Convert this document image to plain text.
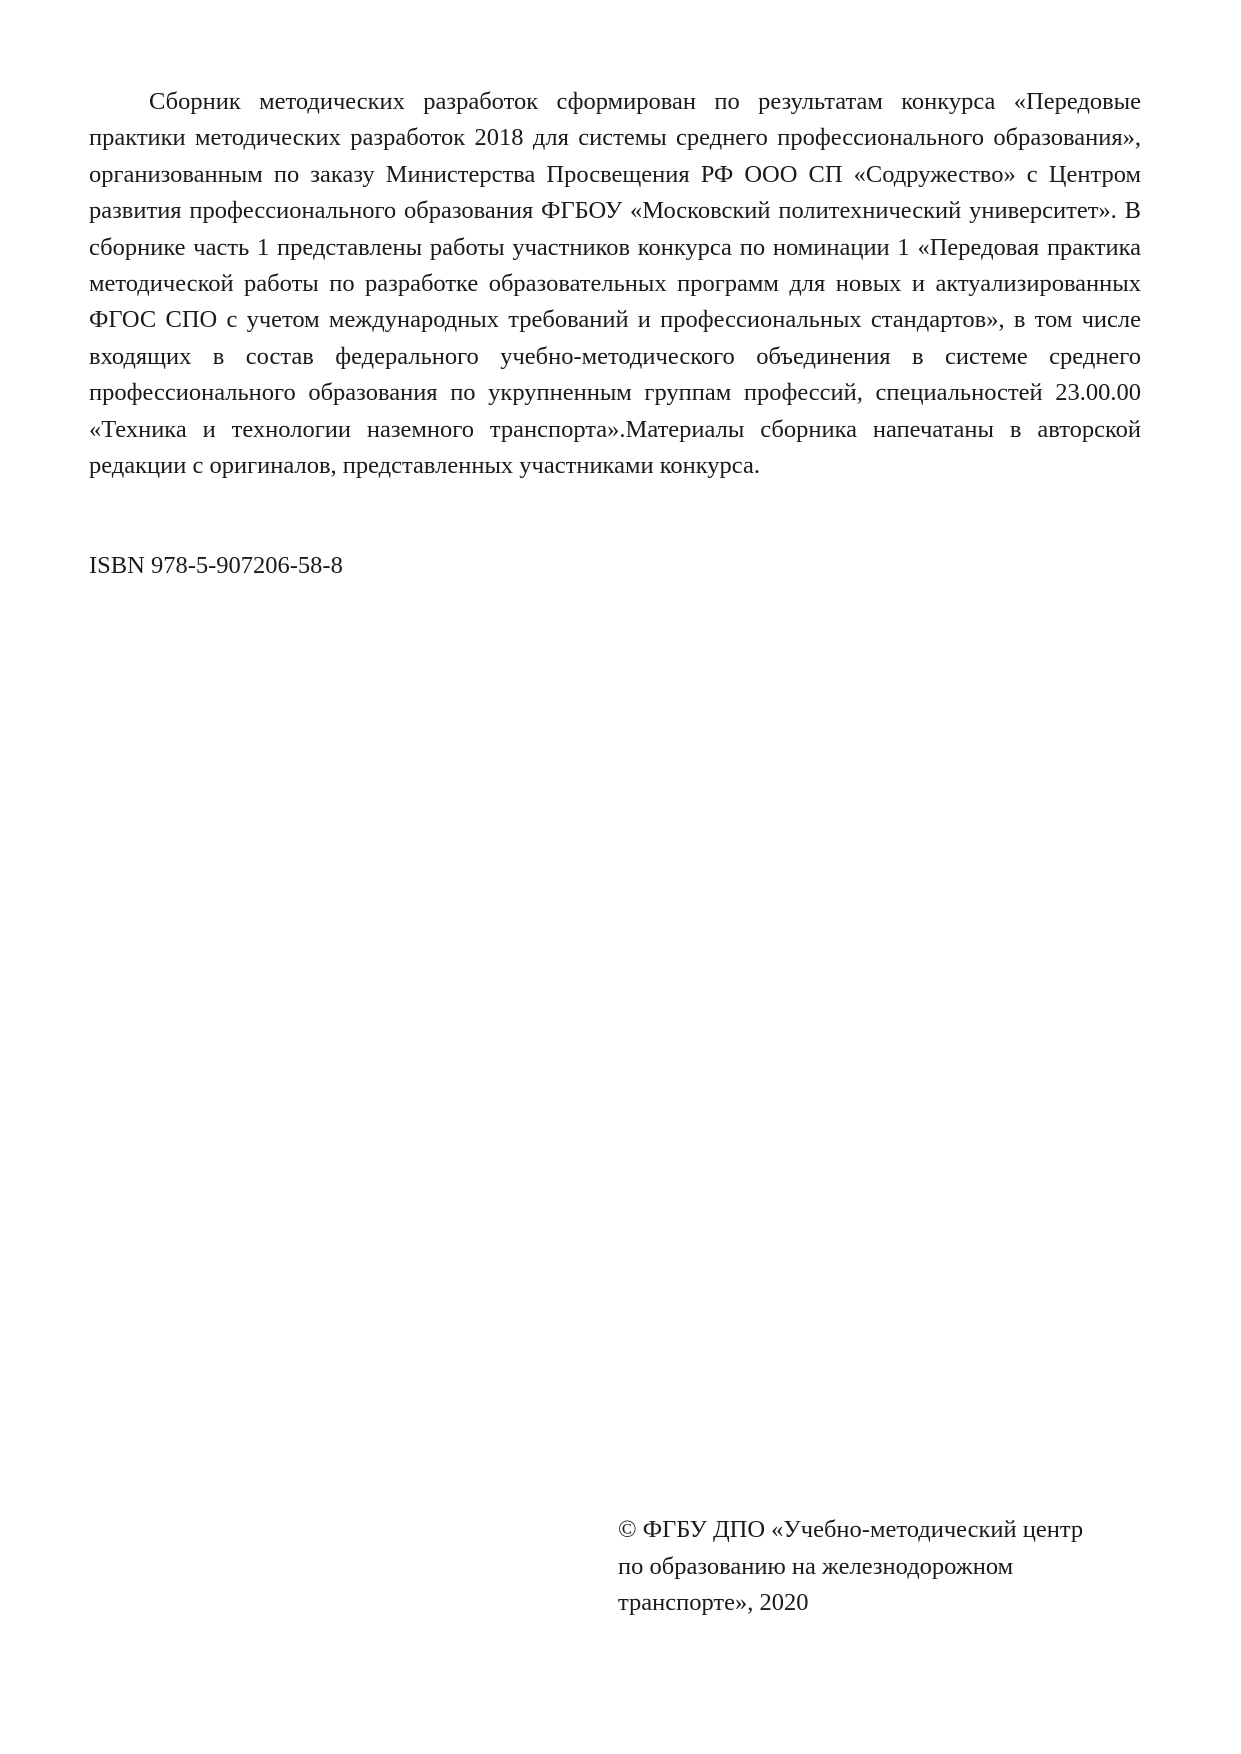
Сборник методических разработок сформирован по результатам конкурса «Передовые практики методических разработок 2018 для системы среднего профессионального образования», организованным по заказу Министерства Просвещения РФ ООО СП «Содружество» с Центром развития профессионального образования ФГБОУ «Московский политехнический университет». В сборнике часть 1 представлены работы участников конкурса по номинации 1 «Передовая практика методической работы по разработке образовательных программ для новых и актуализированных ФГОС СПО с учетом международных требований и профессиональных стандартов», в том числе входящих в состав федерального учебно-методического объединения в системе среднего профессионального образования по укрупненным группам профессий, специальностей 23.00.00 «Техника и технологии наземного транспорта».Материалы сборника напечатаны в авторской редакции с оригиналов, представленных участниками конкурса.

ISBN 978-5-907206-58-8

© ФГБУ ДПО «Учебно-методический центр
по образованию на железнодорожном
транспорте», 2020
